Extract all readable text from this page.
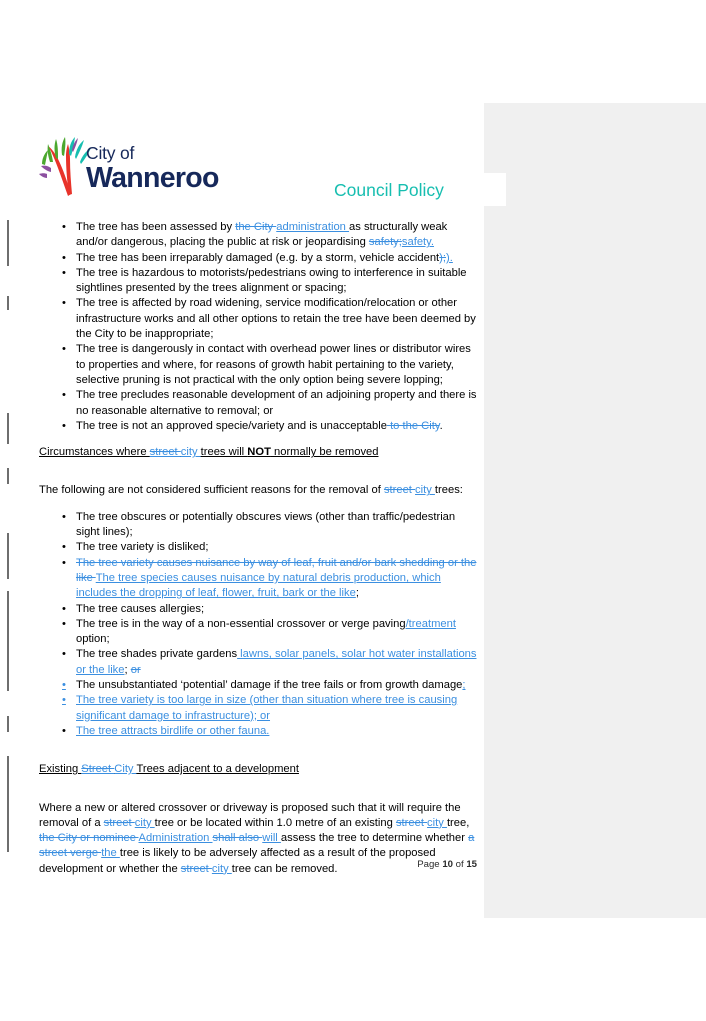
City of
Wanneroo	Council Policy
• The tree has been assessed by the City administration as structurally weak and/or dangerous, placing the public at risk or jeopardising safety;safety.
• The tree has been irreparably damaged (e.g. by a storm, vehicle accident);).
• The tree is hazardous to motorists/pedestrians owing to interference in suitable sightlines presented by the trees alignment or spacing;
• The tree is affected by road widening, service modification/relocation or other infrastructure works and all other options to retain the tree have been deemed by the City to be inappropriate;
• The tree is dangerously in contact with overhead power lines or distributor wires to properties and where, for reasons of growth habit pertaining to the variety, selective pruning is not practical with the only option being severe lopping;
• The tree precludes reasonable development of an adjoining property and there is no reasonable alternative to removal; or
• The tree is not an approved specie/variety and is unacceptable to the City.
Circumstances where street city trees will NOT normally be removed

The following are not considered sufficient reasons for the removal of street city trees:

• The tree obscures or potentially obscures views (other than traffic/pedestrian sight lines);
• The tree variety is disliked;
• The tree variety causes nuisance by way of leaf, fruit and/or bark shedding or the like The tree species causes nuisance by natural debris production, which includes the dropping of leaf, flower, fruit, bark or the like;
• The tree causes allergies;
• The tree is in the way of a non-essential crossover or verge paving/treatment option;
• The tree shades private gardens lawns, solar panels, solar hot water installations or the like; or
• The unsubstantiated ‘potential’ damage if the tree fails or from growth damage;
• The tree variety is too large in size (other than situation where tree is causing significant damage to infrastructure); or
• The tree attracts birdlife or other fauna.
Existing Street City Trees adjacent to a development

Where a new or altered crossover or driveway is proposed such that it will require the removal of a street city tree or be located within 1.0 metre of an existing street city tree, the City or nominee Administration shall also will assess the tree to determine whether a street verge the tree is likely to be adversely affected as a result of the proposed development or whether the street city tree can be removed.	Page 10 of 15
